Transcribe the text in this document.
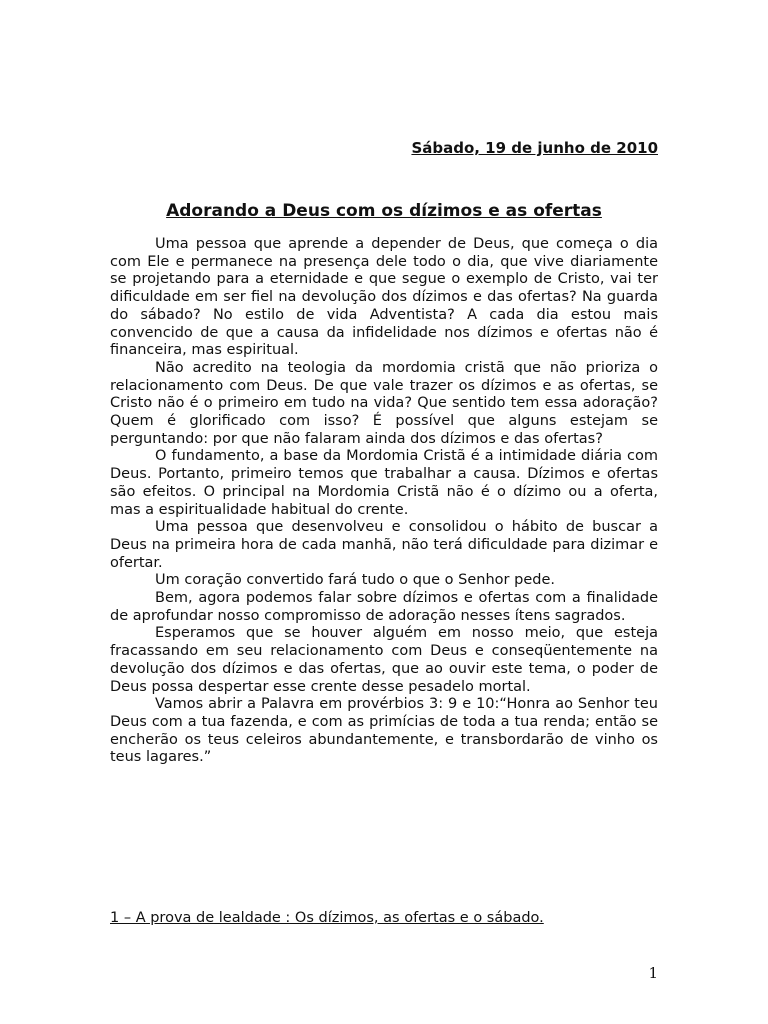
Sábado, 19 de junho de 2010
Adorando a Deus com os dízimos e as ofertas

Uma pessoa que aprende a depender de Deus, que começa o dia com Ele e permanece na presença dele todo o dia, que vive diariamente se projetando para a eternidade e que segue o exemplo de Cristo, vai ter dificuldade em ser fiel na devolução dos dízimos e das ofertas? Na guarda do sábado? No estilo de vida Adventista? A cada dia estou mais convencido de que a causa da infidelidade nos dízimos e ofertas não é financeira, mas espiritual.

Não acredito na teologia da mordomia cristã que não prioriza o relacionamento com Deus. De que vale trazer os dízimos e as ofertas, se Cristo não é o primeiro em tudo na vida? Que sentido tem essa adoração? Quem é glorificado com isso? É possível que alguns estejam se perguntando: por que não falaram ainda dos dízimos e das ofertas?

O fundamento, a base da Mordomia Cristã é a intimidade diária com Deus. Portanto, primeiro temos que trabalhar a causa. Dízimos e ofertas são efeitos. O principal na Mordomia Cristã não é o dízimo ou a oferta, mas a espiritualidade habitual do crente.

Uma pessoa que desenvolveu e consolidou o hábito de buscar a Deus na primeira hora de cada manhã, não terá dificuldade para dizimar e ofertar.

Um coração convertido fará tudo o que o Senhor pede.

Bem, agora podemos falar sobre dízimos e ofertas com a finalidade de aprofundar nosso compromisso de adoração nesses ítens sagrados.

Esperamos que se houver alguém em nosso meio, que esteja fracassando em seu relacionamento com Deus e conseqüentemente na devolução dos dízimos e das ofertas, que ao ouvir este tema, o poder de Deus possa despertar esse crente desse pesadelo mortal.

Vamos abrir a Palavra em provérbios 3: 9 e 10:“Honra ao Senhor teu Deus com a tua fazenda, e com as primícias de toda a tua renda; então se encherão os teus celeiros abundantemente, e transbordarão de vinho os teus lagares.”

1 – A prova de lealdade : Os dízimos, as ofertas e o sábado.
1
